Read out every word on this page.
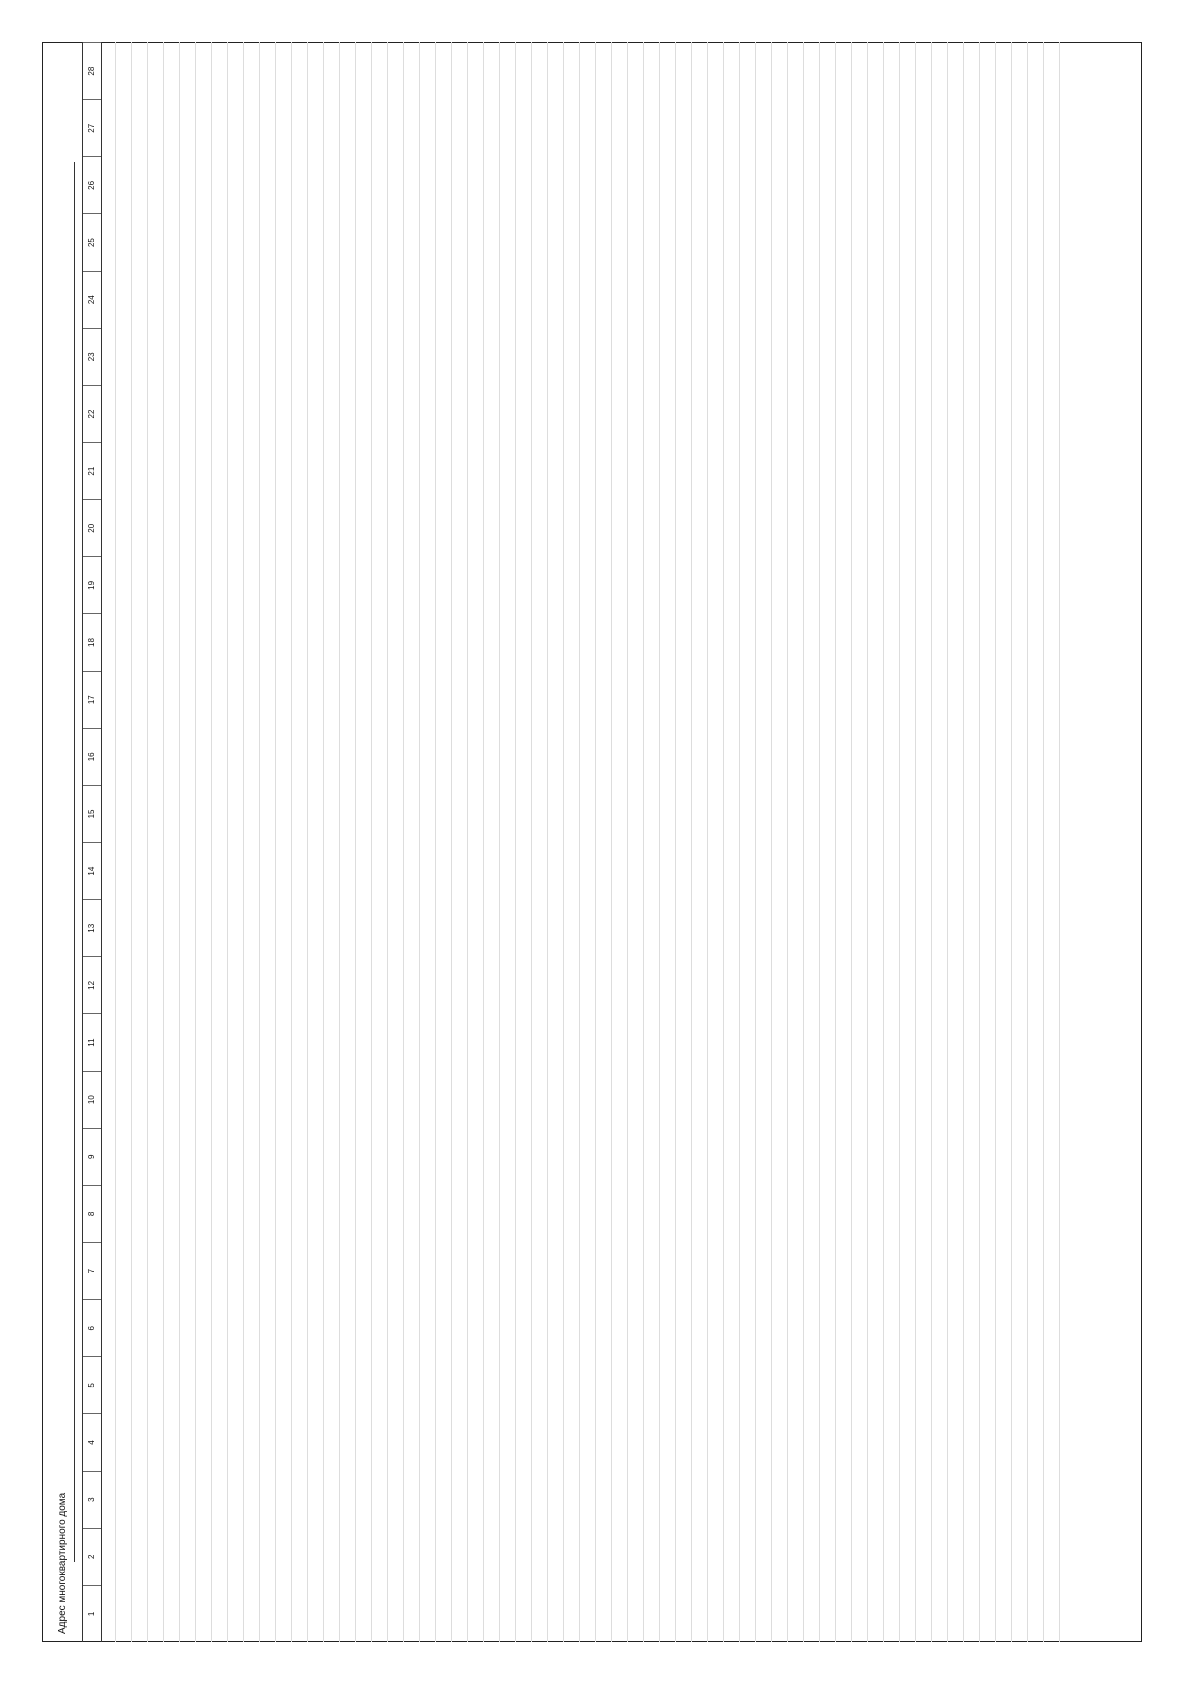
Адрес многоквартирного дома	1
2
3
4
5
6
7
8
9
10
11
12
13
14
15
16
17
18
19
20
21
22
23
24
25
26
27
28
